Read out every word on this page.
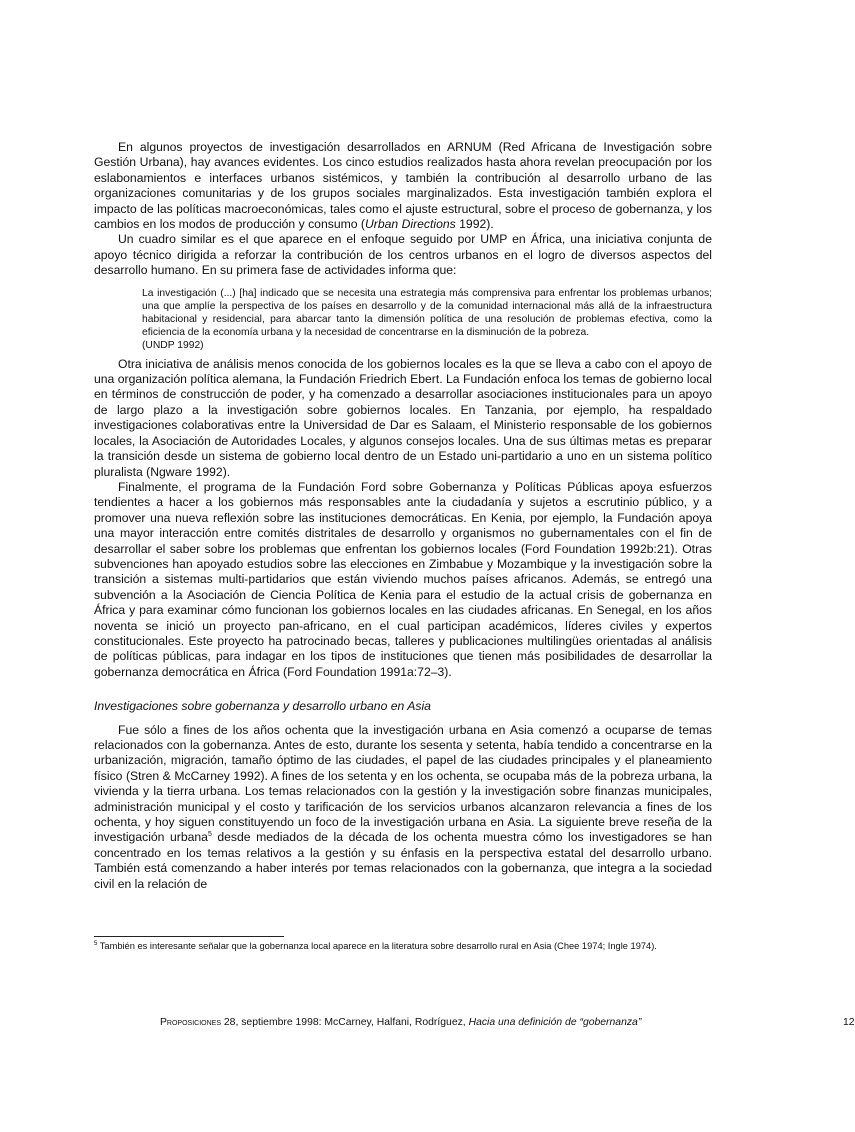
En algunos proyectos de investigación desarrollados en ARNUM (Red Africana de Investigación sobre Gestión Urbana), hay avances evidentes. Los cinco estudios realizados hasta ahora revelan preocupación por los eslabonamientos e interfaces urbanos sistémicos, y también la contribución al desarrollo urbano de las organizaciones comunitarias y de los grupos sociales marginalizados. Esta investigación también explora el impacto de las políticas macroeconómicas, tales como el ajuste estructural, sobre el proceso de gobernanza, y los cambios en los modos de producción y consumo (Urban Directions 1992).

Un cuadro similar es el que aparece en el enfoque seguido por UMP en África, una iniciativa conjunta de apoyo técnico dirigida a reforzar la contribución de los centros urbanos en el logro de diversos aspectos del desarrollo humano. En su primera fase de actividades informa que:

La investigación (...) [ha] indicado que se necesita una estrategia más comprensiva para enfrentar los problemas urbanos; una que amplíe la perspectiva de los países en desarrollo y de la comunidad internacional más allá de la infraestructura habitacional y residencial, para abarcar tanto la dimensión política de una resolución de problemas efectiva, como la eficiencia de la economía urbana y la necesidad de concentrarse en la disminución de la pobreza.
(UNDP 1992)

Otra iniciativa de análisis menos conocida de los gobiernos locales es la que se lleva a cabo con el apoyo de una organización política alemana, la Fundación Friedrich Ebert. La Fundación enfoca los temas de gobierno local en términos de construcción de poder, y ha comenzado a desarrollar asociaciones institucionales para un apoyo de largo plazo a la investigación sobre gobiernos locales. En Tanzania, por ejemplo, ha respaldado investigaciones colaborativas entre la Universidad de Dar es Salaam, el Ministerio responsable de los gobiernos locales, la Asociación de Autoridades Locales, y algunos consejos locales. Una de sus últimas metas es preparar la transición desde un sistema de gobierno local dentro de un Estado uni-partidario a uno en un sistema político pluralista (Ngware 1992).

Finalmente, el programa de la Fundación Ford sobre Gobernanza y Políticas Públicas apoya esfuerzos tendientes a hacer a los gobiernos más responsables ante la ciudadanía y sujetos a escrutinio público, y a promover una nueva reflexión sobre las instituciones democráticas. En Kenia, por ejemplo, la Fundación apoya una mayor interacción entre comités distritales de desarrollo y organismos no gubernamentales con el fin de desarrollar el saber sobre los problemas que enfrentan los gobiernos locales (Ford Foundation 1992b:21). Otras subvenciones han apoyado estudios sobre las elecciones en Zimbabue y Mozambique y la investigación sobre la transición a sistemas multi-partidarios que están viviendo muchos países africanos. Además, se entregó una subvención a la Asociación de Ciencia Política de Kenia para el estudio de la actual crisis de gobernanza en África y para examinar cómo funcionan los gobiernos locales en las ciudades africanas. En Senegal, en los años noventa se inició un proyecto pan-africano, en el cual participan académicos, líderes civiles y expertos constitucionales. Este proyecto ha patrocinado becas, talleres y publicaciones multilingües orientadas al análisis de políticas públicas, para indagar en los tipos de instituciones que tienen más posibilidades de desarrollar la gobernanza democrática en África (Ford Foundation 1991a:72–3).

Investigaciones sobre gobernanza y desarrollo urbano en Asia

Fue sólo a fines de los años ochenta que la investigación urbana en Asia comenzó a ocuparse de temas relacionados con la gobernanza. Antes de esto, durante los sesenta y setenta, había tendido a concentrarse en la urbanización, migración, tamaño óptimo de las ciudades, el papel de las ciudades principales y el planeamiento físico (Stren & McCarney 1992). A fines de los setenta y en los ochenta, se ocupaba más de la pobreza urbana, la vivienda y la tierra urbana. Los temas relacionados con la gestión y la investigación sobre finanzas municipales, administración municipal y el costo y tarificación de los servicios urbanos alcanzaron relevancia a fines de los ochenta, y hoy siguen constituyendo un foco de la investigación urbana en Asia. La siguiente breve reseña de la investigación urbana$^5$ desde mediados de la década de los ochenta muestra cómo los investigadores se han concentrado en los temas relativos a la gestión y su énfasis en la perspectiva estatal del desarrollo urbano. También está comenzando a haber interés por temas relacionados con la gobernanza, que integra a la sociedad civil en la relación de

$^5$ También es interesante señalar que la gobernanza local aparece en la literatura sobre desarrollo rural en Asia (Chee 1974; Ingle 1974).
Proposiciones 28, septiembre 1998: McCarney, Halfani, Rodríguez, Hacia una definición de “gobernanza”	12
